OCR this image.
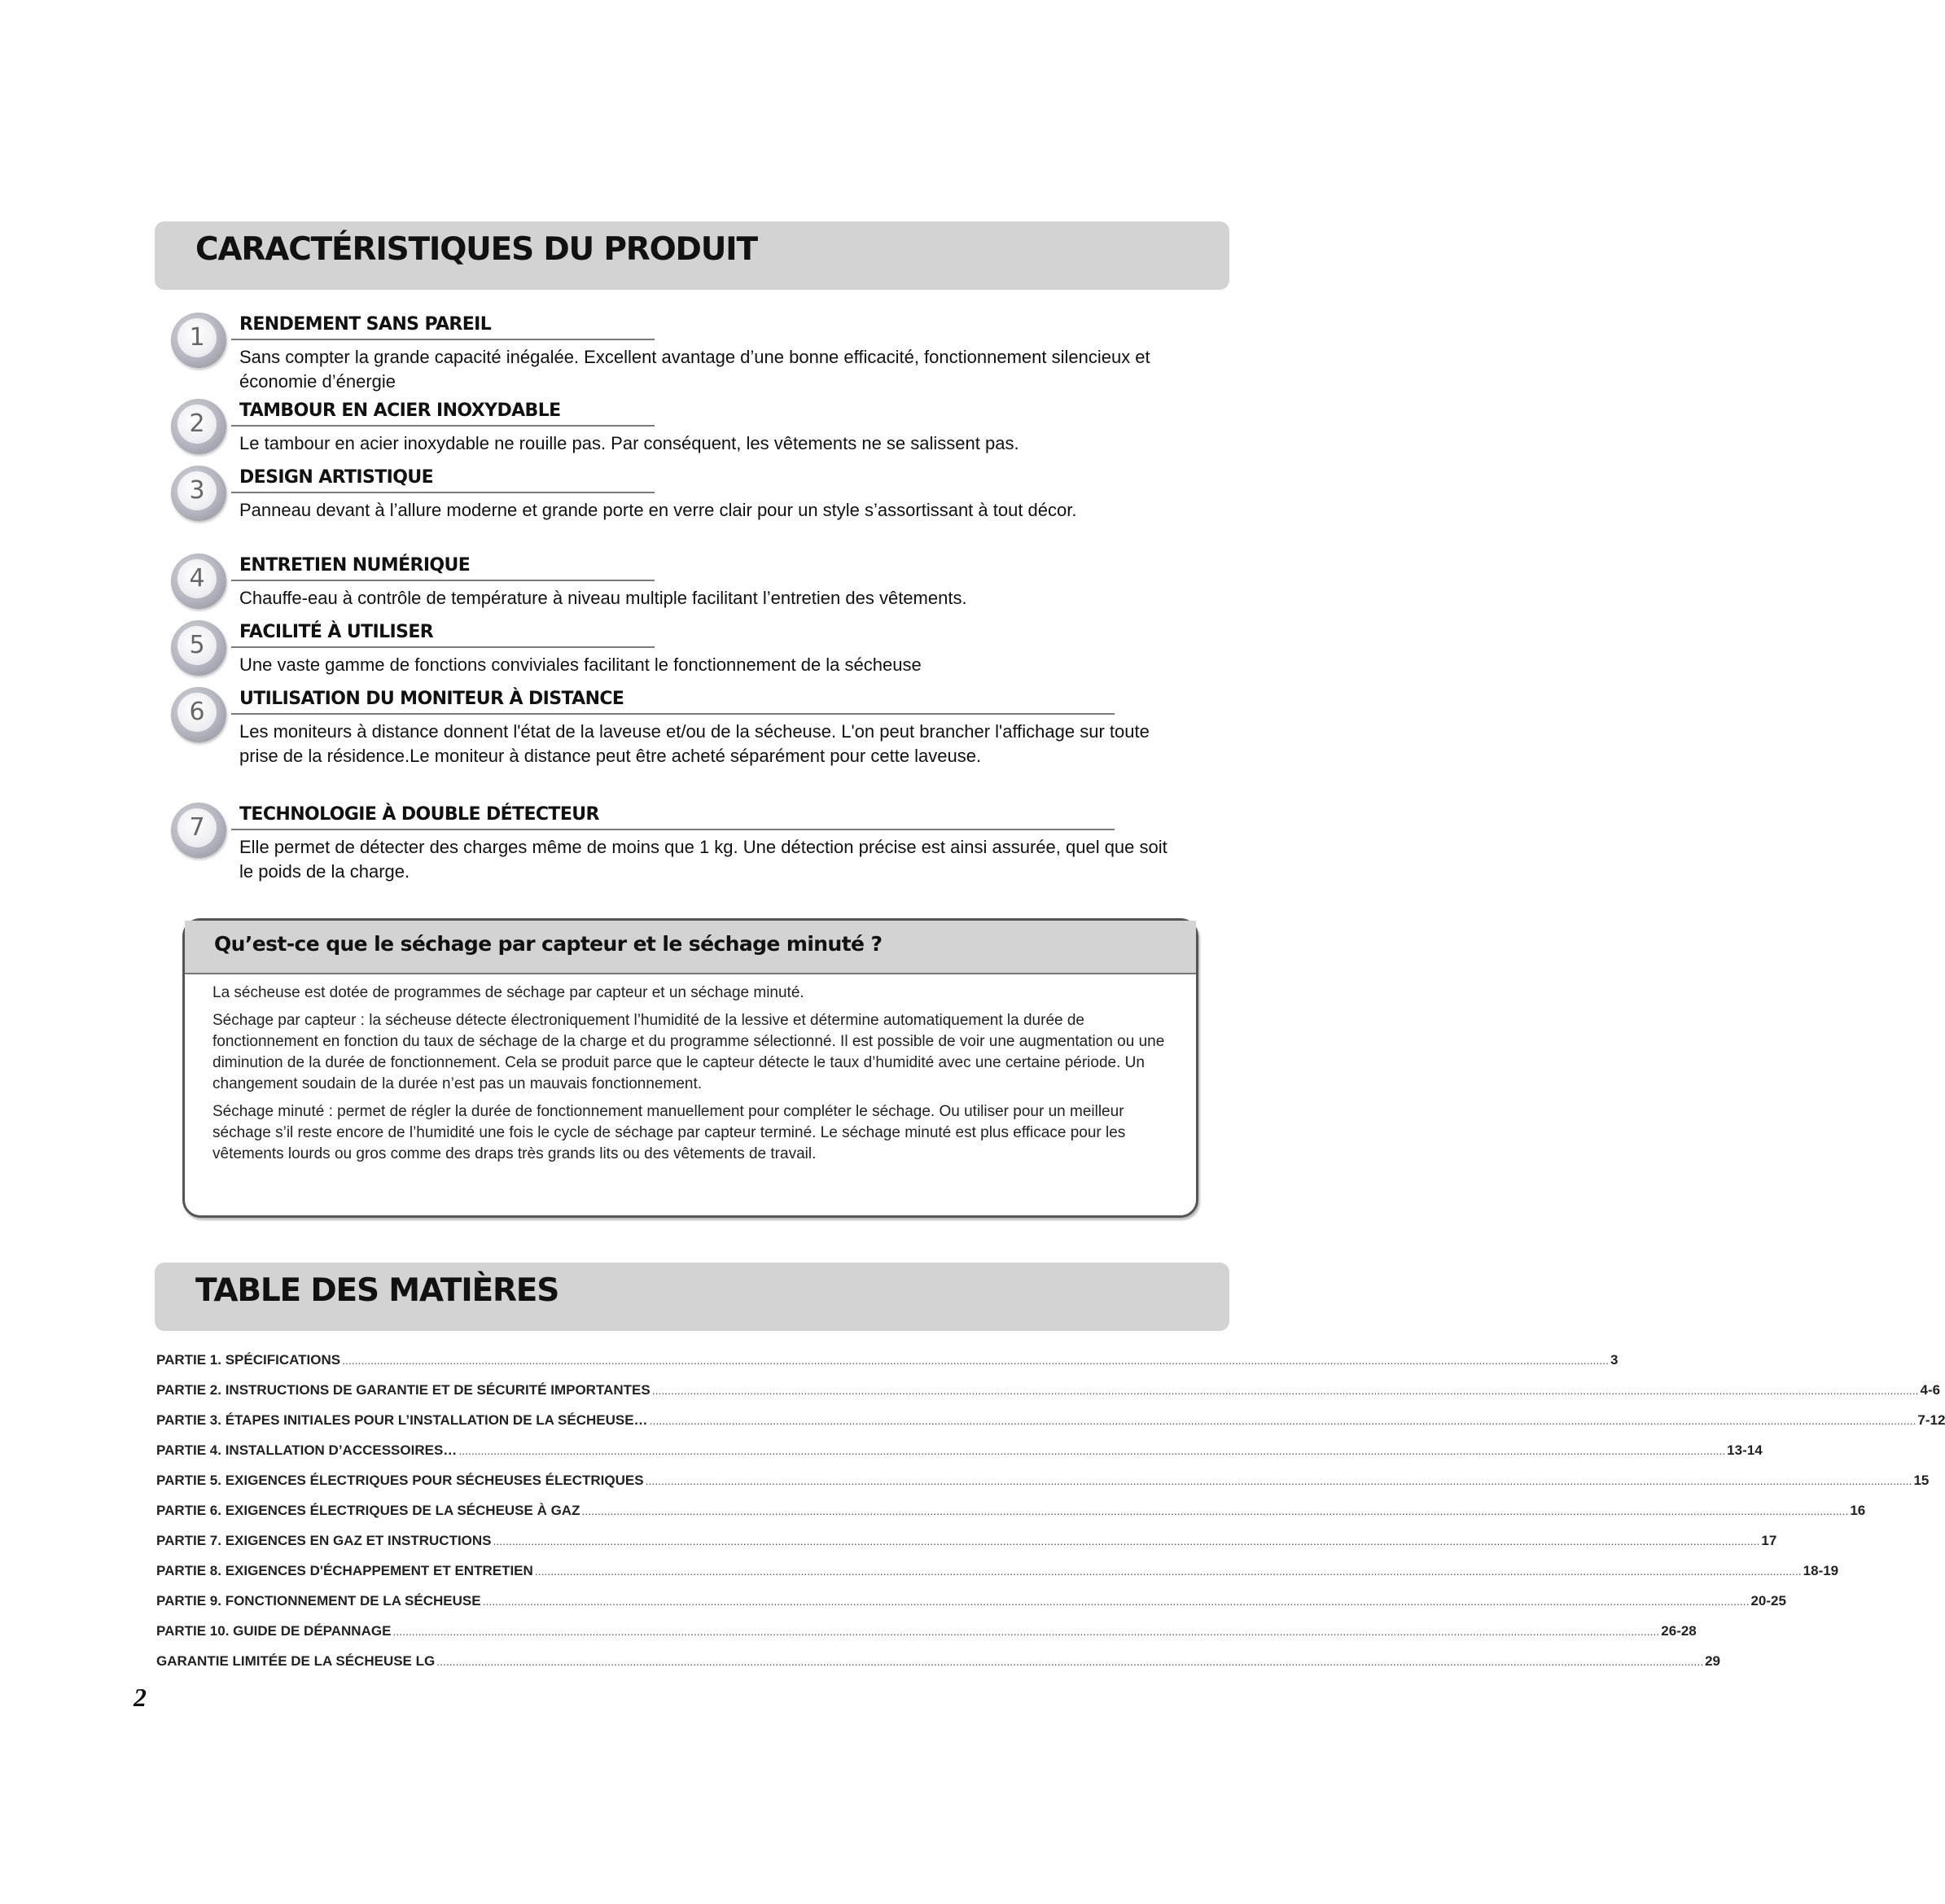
CARACTÉRISTIQUES DU PRODUIT
1	RENDEMENT SANS PAREIL
Sans compter la grande capacité inégalée. Excellent avantage d’une bonne efficacité, fonctionnement silencieux et économie d’énergie
2	TAMBOUR EN ACIER INOXYDABLE
Le tambour en acier inoxydable ne rouille pas. Par conséquent, les vêtements ne se salissent pas.
3	DESIGN ARTISTIQUE
Panneau devant à l’allure moderne et grande porte en verre clair pour un style s’assortissant à tout décor.
4	ENTRETIEN NUMÉRIQUE
Chauffe-eau à contrôle de température à niveau multiple facilitant l’entretien des vêtements.
5	FACILITÉ À UTILISER
Une vaste gamme de fonctions conviviales facilitant le fonctionnement de la sécheuse
6	UTILISATION DU MONITEUR À DISTANCE
Les moniteurs à distance donnent l'état de la laveuse et/ou de la sécheuse. L'on peut brancher l'affichage sur toute prise de la résidence.Le moniteur à distance peut être acheté séparément pour cette laveuse.
7	TECHNOLOGIE À DOUBLE DÉTECTEUR
Elle permet de détecter des charges même de moins que 1 kg. Une détection précise est ainsi assurée, quel que soit le poids de la charge.
Qu’est-ce que le séchage par capteur et le séchage minuté ?

La sécheuse est dotée de programmes de séchage par capteur et un séchage minuté.

Séchage par capteur : la sécheuse détecte électroniquement l’humidité de la lessive et détermine automatiquement la durée de fonctionnement en fonction du taux de séchage de la charge et du programme sélectionné. Il est possible de voir une augmentation ou une diminution de la durée de fonctionnement. Cela se produit parce que le capteur détecte le taux d’humidité avec une certaine période. Un changement soudain de la durée n’est pas un mauvais fonctionnement.

Séchage minuté : permet de régler la durée de fonctionnement manuellement pour compléter le séchage. Ou utiliser pour un meilleur séchage s’il reste encore de l’humidité une fois le cycle de séchage par capteur terminé. Le séchage minuté est plus efficace pour les vêtements lourds ou gros comme des draps très grands lits ou des vêtements de travail.

TABLE DES MATIÈRES
PARTIE 1. SPÉCIFICATIONS ................................................................................................................................................................................................................................................................................................................................................................................................................ 3
PARTIE 2. INSTRUCTIONS DE GARANTIE ET DE SÉCURITÉ IMPORTANTES ................................................................................................................................................................................................................................................................................................................................................................................................................ 4-6
PARTIE 3. ÉTAPES INITIALES POUR L’INSTALLATION DE LA SÉCHEUSE… ................................................................................................................................................................................................................................................................................................................................................................................................................ 7-12
PARTIE 4. INSTALLATION D’ACCESSOIRES… ................................................................................................................................................................................................................................................................................................................................................................................................................ 13-14
PARTIE 5. EXIGENCES ÉLECTRIQUES POUR SÉCHEUSES ÉLECTRIQUES ................................................................................................................................................................................................................................................................................................................................................................................................................ 15
PARTIE 6. EXIGENCES ÉLECTRIQUES DE LA SÉCHEUSE À GAZ ................................................................................................................................................................................................................................................................................................................................................................................................................ 16
PARTIE 7. EXIGENCES EN GAZ ET INSTRUCTIONS ................................................................................................................................................................................................................................................................................................................................................................................................................ 17
PARTIE 8. EXIGENCES D'ÉCHAPPEMENT ET ENTRETIEN ................................................................................................................................................................................................................................................................................................................................................................................................................ 18-19
PARTIE 9. FONCTIONNEMENT DE LA SÉCHEUSE ................................................................................................................................................................................................................................................................................................................................................................................................................ 20-25
PARTIE 10. GUIDE DE DÉPANNAGE ................................................................................................................................................................................................................................................................................................................................................................................................................ 26-28
GARANTIE LIMITÉE DE LA SÉCHEUSE LG ................................................................................................................................................................................................................................................................................................................................................................................................................ 29
2
